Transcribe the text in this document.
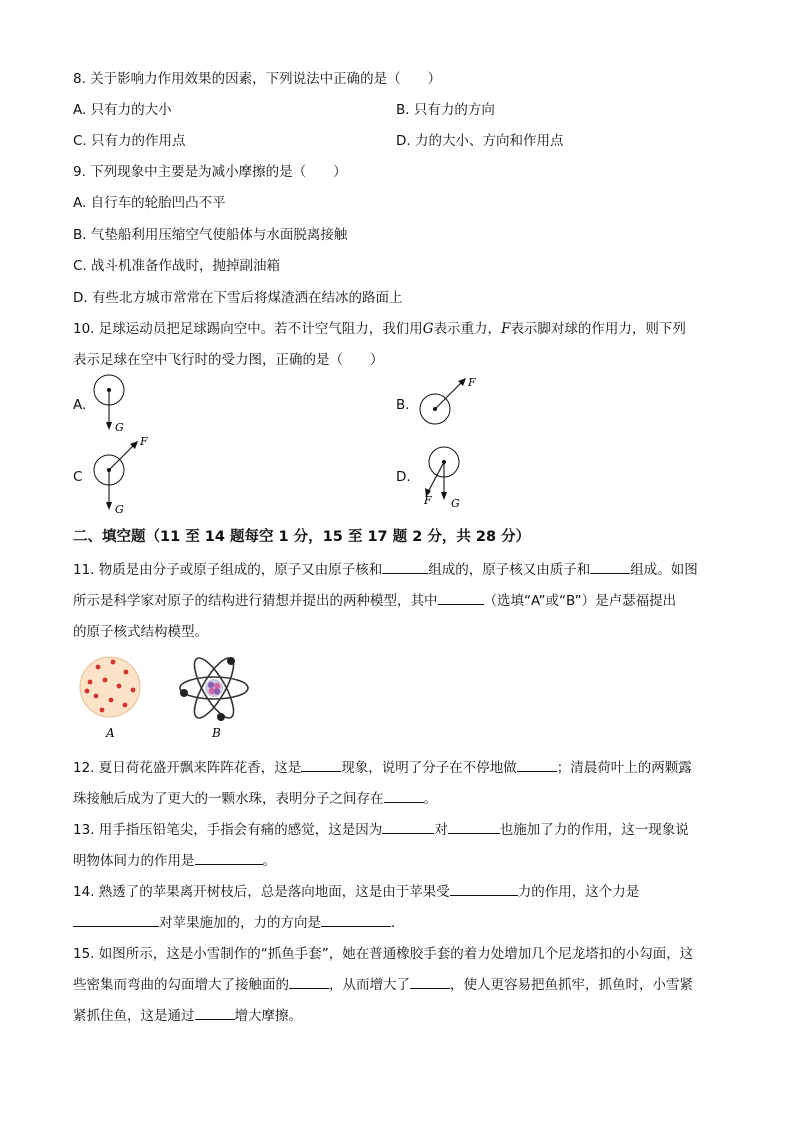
8. 关于影响力作用效果的因素，下列说法中正确的是（　　）
A. 只有力的大小	B. 只有力的方向
C. 只有力的作用点	D. 力的大小、方向和作用点
9. 下列现象中主要是为减小摩擦的是（　　）
A. 自行车的轮胎凹凸不平
B. 气垫船利用压缩空气使船体与水面脱离接触
C. 战斗机准备作战时，抛掉副油箱
D. 有些北方城市常常在下雪后将煤渣洒在结冰的路面上
10. 足球运动员把足球踢向空中。若不计空气阻力，我们用G表示重力，F表示脚对球的作用力，则下列
表示足球在空中飞行时的受力图，正确的是（　　）
A.
G
B.
F
C
F
G
D.
F G
二、填空题（11 至 14 题每空 1 分，15 至 17 题 2 分，共 28 分）
11. 物质是由分子或原子组成的，原子又由原子核和	组成的，原子核又由质子和	组成。如图
所示是科学家对原子的结构进行猜想并提出的两种模型，其中	（选填“A”或“B”）是卢瑟福提出
的原子核式结构模型。
A	B
12. 夏日荷花盛开飘来阵阵花香，这是	现象，说明了分子在不停地做	；清晨荷叶上的两颗露
珠接触后成为了更大的一颗水珠，表明分子之间存在	。
13. 用手指压铅笔尖，手指会有痛的感觉，这是因为	对	也施加了力的作用，这一现象说
明物体间力的作用是	。
14. 熟透了的苹果离开树枝后，总是落向地面，这是由于苹果受	力的作用，这个力是
对苹果施加的，力的方向是	．
15. 如图所示，这是小雪制作的“抓鱼手套”，她在普通橡胶手套的着力处增加几个尼龙塔扣的小勾面，这
些密集而弯曲的勾面增大了接触面的	，从而增大了	，使人更容易把鱼抓牢，抓鱼时，小雪紧
紧抓住鱼，这是通过	增大摩擦。
